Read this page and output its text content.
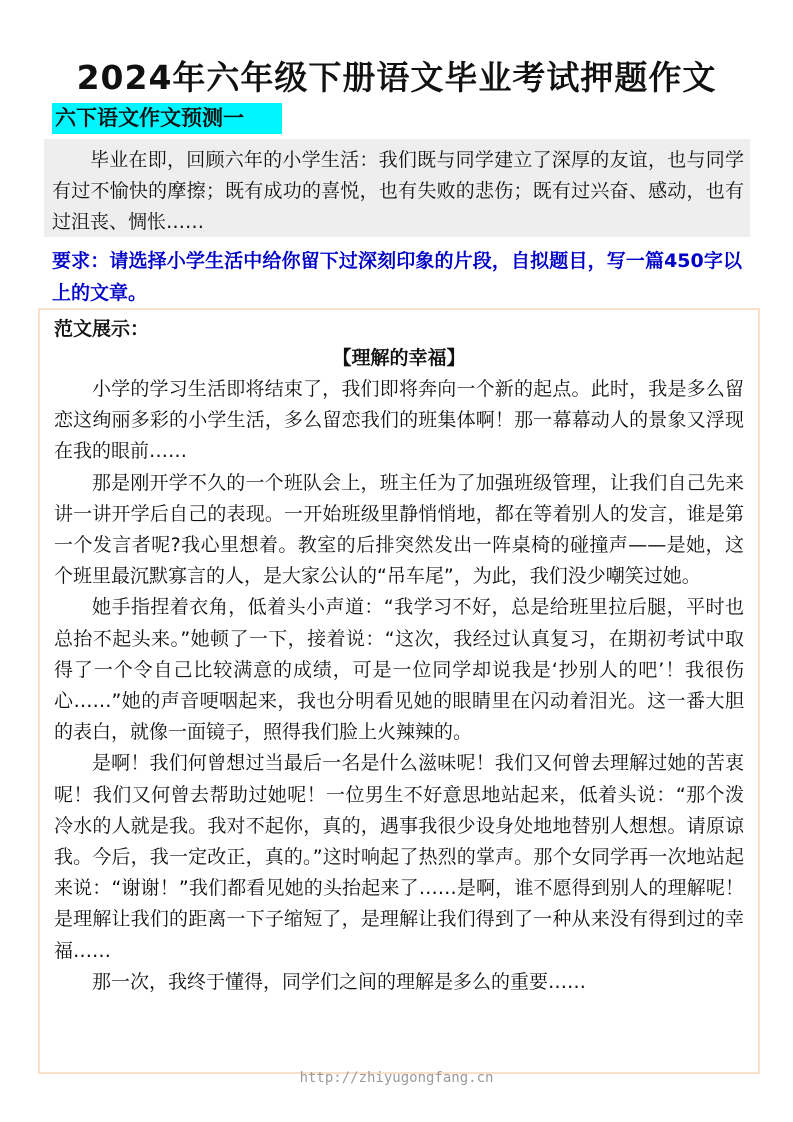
2024年六年级下册语文毕业考试押题作文
六下语文作文预测一
毕业在即，回顾六年的小学生活：我们既与同学建立了深厚的友谊，也与同学有过不愉快的摩擦；既有成功的喜悦，也有失败的悲伤；既有过兴奋、感动，也有过沮丧、惆怅……
要求：请选择小学生活中给你留下过深刻印象的片段，自拟题目，写一篇450字以上的文章。
范文展示：
【理解的幸福】

小学的学习生活即将结束了，我们即将奔向一个新的起点。此时，我是多么留恋这绚丽多彩的小学生活，多么留恋我们的班集体啊！那一幕幕动人的景象又浮现在我的眼前……

那是刚开学不久的一个班队会上，班主任为了加强班级管理，让我们自己先来讲一讲开学后自己的表现。一开始班级里静悄悄地，都在等着别人的发言，谁是第一个发言者呢?我心里想着。教室的后排突然发出一阵桌椅的碰撞声——是她，这个班里最沉默寡言的人，是大家公认的“吊车尾”，为此，我们没少嘲笑过她。

她手指捏着衣角，低着头小声道：“我学习不好，总是给班里拉后腿，平时也总抬不起头来。”她顿了一下，接着说：“这次，我经过认真复习，在期初考试中取得了一个令自己比较满意的成绩，可是一位同学却说我是‘抄别人的吧’！我很伤心……”她的声音哽咽起来，我也分明看见她的眼睛里在闪动着泪光。这一番大胆的表白，就像一面镜子，照得我们脸上火辣辣的。

是啊！我们何曾想过当最后一名是什么滋味呢！我们又何曾去理解过她的苦衷呢！我们又何曾去帮助过她呢！一位男生不好意思地站起来，低着头说：“那个泼冷水的人就是我。我对不起你，真的，遇事我很少设身处地地替别人想想。请原谅我。今后，我一定改正，真的。”这时响起了热烈的掌声。那个女同学再一次地站起来说：“谢谢！”我们都看见她的头抬起来了……是啊，谁不愿得到别人的理解呢！是理解让我们的距离一下子缩短了，是理解让我们得到了一种从来没有得到过的幸福……

那一次，我终于懂得，同学们之间的理解是多么的重要……

http://zhiyugongfang.cn
